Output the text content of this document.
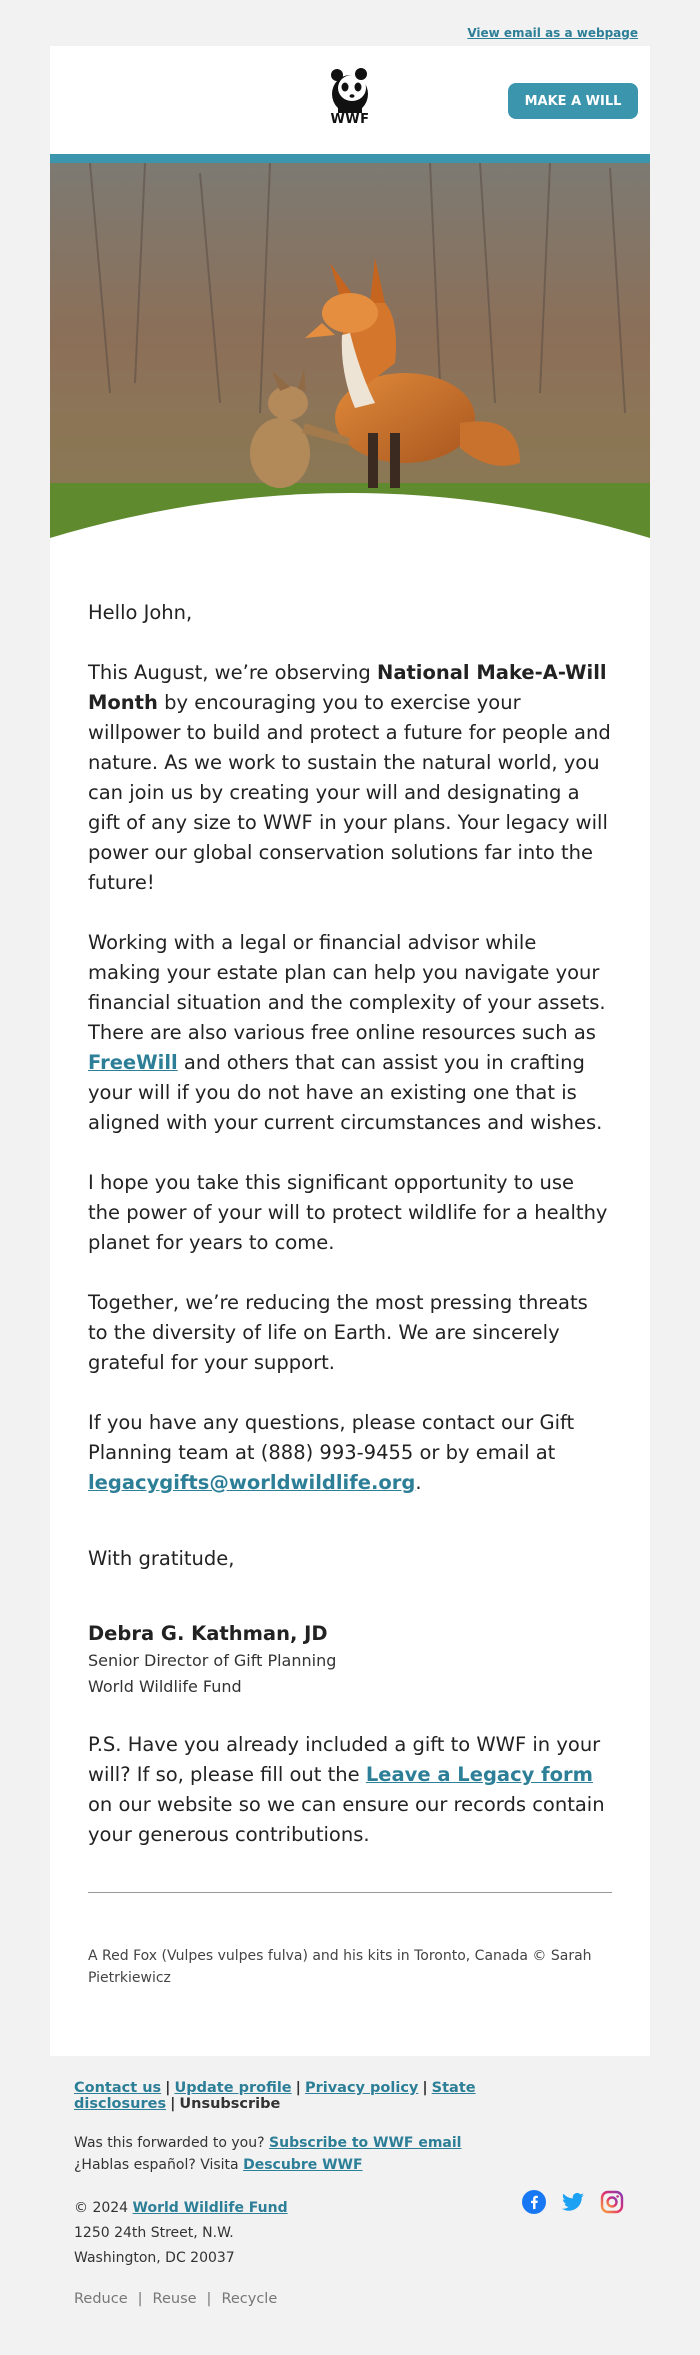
View email as a webpage
WWF
MAKE A WILL

Hello John,

This August, we’re observing National Make-A-Will Month by encouraging you to exercise your willpower to build and protect a future for people and nature. As we work to sustain the natural world, you can join us by creating your will and designating a gift of any size to WWF in your plans. Your legacy will power our global conservation solutions far into the future!

Working with a legal or financial advisor while making your estate plan can help you navigate your financial situation and the complexity of your assets. There are also various free online resources such as FreeWill and others that can assist you in crafting your will if you do not have an existing one that is aligned with your current circumstances and wishes.

I hope you take this significant opportunity to use the power of your will to protect wildlife for a healthy planet for years to come.

Together, we’re reducing the most pressing threats to the diversity of life on Earth. We are sincerely grateful for your support.

If you have any questions, please contact our Gift Planning team at (888) 993-9455 or by email at legacygifts@worldwildlife.org.

With gratitude,

Debra G. Kathman, JD
Senior Director of Gift Planning
World Wildlife Fund

P.S. Have you already included a gift to WWF in your will? If so, please fill out the Leave a Legacy form on our website so we can ensure our records contain your generous contributions.

A Red Fox (Vulpes vulpes fulva) and his kits in Toronto, Canada © Sarah Pietrkiewicz
Contact us | Update profile | Privacy policy | State disclosures | Unsubscribe
Was this forwarded to you? Subscribe to WWF email
¿Hablas español? Visita Descubre WWF
© 2024 World Wildlife Fund
1250 24th Street, N.W.
Washington, DC 20037
Reduce | Reuse | Recycle
